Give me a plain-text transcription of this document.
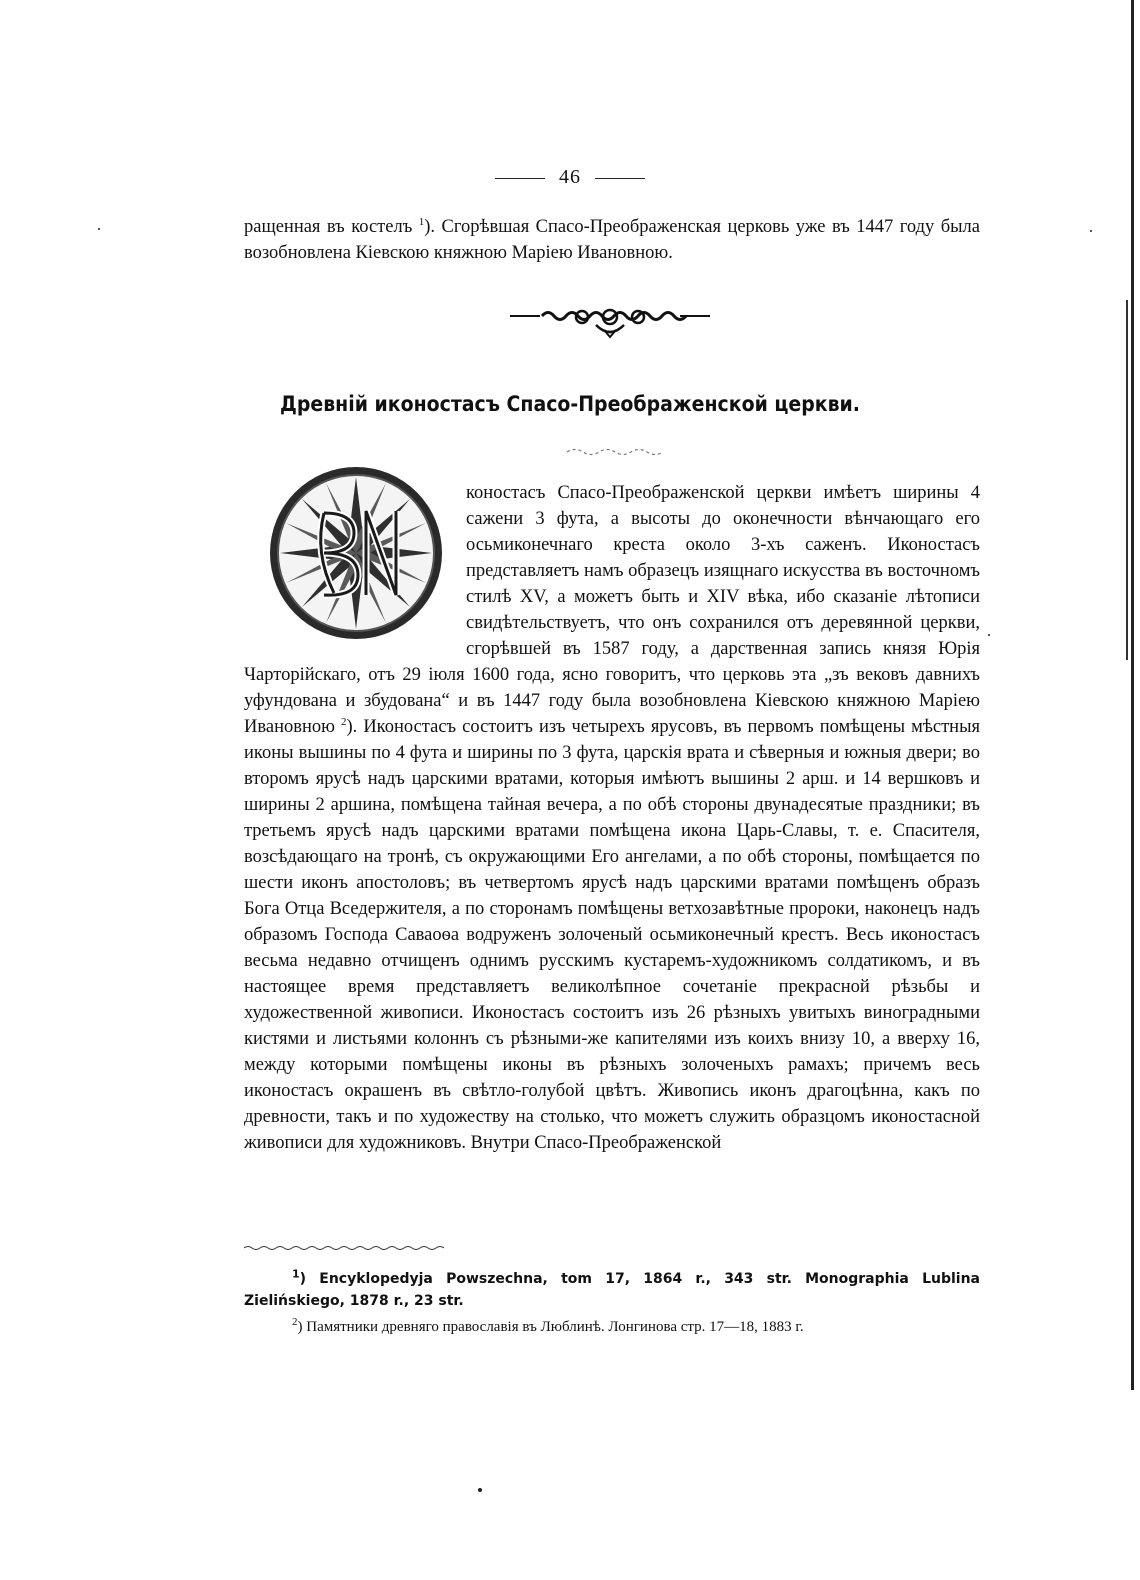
46
ращенная въ костелъ $^1$). Сгорѣвшая Спасо-Преображенская церковь уже въ 1447 году была возобновлена Кіевскою княжною Маріею Ивановною.
Древній иконостасъ Спасо-Преображенской церкви.

коностасъ Спасо-Преображенской церкви имѣетъ ширины 4 сажени 3 фута, а высоты до оконечности вѣнчающаго его осьмиконечнаго креста около 3-хъ саженъ. Иконостасъ представляетъ намъ образецъ изящнаго искусства въ восточномъ стилѣ XV, а можетъ быть и XIV вѣка, ибо сказаніе лѣтописи свидѣтельствуетъ, что онъ сохранился отъ деревянной церкви, сгорѣвшей въ 1587 году, а дарственная запись князя Юрія Чарторійскаго, отъ 29 іюля 1600 года, ясно говоритъ, что церковь эта „зъ вековъ давнихъ уфундована и збудована“ и въ 1447 году была возобновлена Кіевскою княжною Маріею Ивановною $^2$). Иконостасъ состоитъ изъ четырехъ ярусовъ, въ первомъ помѣщены мѣстныя иконы вышины по 4 фута и ширины по 3 фута, царскія врата и сѣверныя и южныя двери; во второмъ ярусѣ надъ царскими вратами, которыя имѣютъ вышины 2 арш. и 14 вершковъ и ширины 2 аршина, помѣщена тайная вечера, а по обѣ стороны двунадесятые праздники; въ третьемъ ярусѣ надъ царскими вратами помѣщена икона Царь-Славы, т. е. Спасителя, возсѣдающаго на тронѣ, съ окружающими Его ангелами, а по обѣ стороны, помѣщается по шести иконъ апостоловъ; въ четвертомъ ярусѣ надъ царскими вратами помѣщенъ образъ Бога Отца Вседержителя, а по сторонамъ помѣщены ветхозавѣтные пророки, наконецъ надъ образомъ Господа Саваоѳа водруженъ золоченый осьмиконечный крестъ. Весь иконостасъ весьма недавно отчищенъ однимъ русскимъ кустаремъ-художникомъ солдатикомъ, и въ настоящее время представляетъ великолѣпное сочетаніе прекрасной рѣзьбы и художественной живописи. Иконостасъ состоитъ изъ 26 рѣзныхъ увитыхъ виноградными кистями и листьями колоннъ съ рѣзными-же капителями изъ коихъ внизу 10, а вверху 16, между которыми помѣщены иконы въ рѣзныхъ золоченыхъ рамахъ; причемъ весь иконостасъ окрашенъ въ свѣтло-голубой цвѣтъ. Живопись иконъ драгоцѣнна, какъ по древности, такъ и по художеству на столько, что можетъ служить образцомъ иконостасной живописи для художниковъ. Внутри Спасо-Преображенской

$^1$) Encyklopedyja Powszechna, tom 17, 1864 r., 343 str. Monographia Lublina Zielińskiego, 1878 r., 23 str.

$^2$) Памятники древняго православія въ Люблинѣ. Лонгинова стр. 17—18, 1883 г.
